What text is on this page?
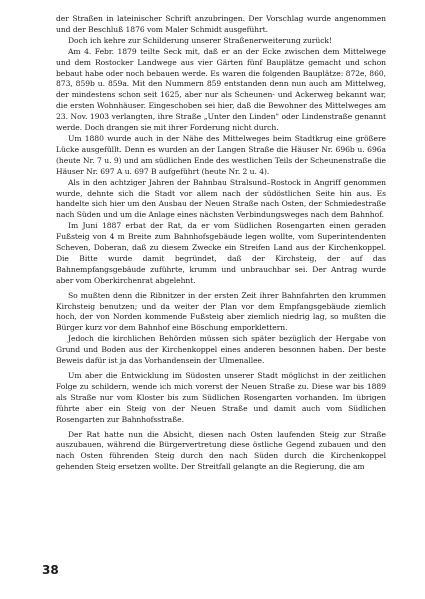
der Straßen in lateinischer Schrift anzubringen. Der Vorschlag wurde angenommen und der Beschluß 1876 vom Maler Schmidt ausgeführt.

Doch ich kehre zur Schilderung unserer Straßenerweiterung zurück!

Am 4. Febr. 1879 teilte Seck mit, daß er an der Ecke zwischen dem Mittelwege und dem Rostocker Landwege aus vier Gärten fünf Bauplätze gemacht und schon bebaut habe oder noch bebauen werde. Es waren die folgenden Bauplätze: 872e, 860, 873, 859b u. 859a. Mit den Nummern 859 entstanden denn nun auch am Mittelweg, der mindestens schon seit 1625, aber nur als Scheunen- und Ackerweg bekannt war, die ersten Wohnhäuser. Eingeschoben sei hier, daß die Bewohner des Mittelweges am 23. Nov. 1903 verlangten, ihre Straße „Unter den Linden" oder Lindenstraße genannt werde. Doch drangen sie mit ihrer Forderung nicht durch.

Um 1880 wurde auch in der Nähe des Mittelweges beim Stadtkrug eine größere Lücke ausgefüllt. Denn es wurden an der Langen Straße die Häuser Nr. 696b u. 696a (heute Nr. 7 u. 9) und am südlichen Ende des westlichen Teils der Scheunenstraße die Häuser Nr. 697 A u. 697 B aufgeführt (heute Nr. 2 u. 4).

Als in den achtziger Jahren der Bahnbau Stralsund–Rostock in Angriff genommen wurde, dehnte sich die Stadt vor allem nach der südöstlichen Seite hin aus. Es handelte sich hier um den Ausbau der Neuen Straße nach Osten, der Schmiedestraße nach Süden und um die Anlage eines nächsten Verbindungsweges nach dem Bahnhof.

Im Juni 1887 erbat der Rat, da er vom Südlichen Rosengarten einen geraden Fußsteig von 4 m Breite zum Bahnhofsgebäude legen wollte, vom Superintendenten Scheven, Doberan, daß zu diesem Zwecke ein Streifen Land aus der Kirchenkoppel. Die Bitte wurde damit begründet, daß der Kirchsteig, der auf das Bahnempfangsgebäude zuführte, krumm und unbrauchbar sei. Der Antrag wurde aber vom Oberkirchenrat abgelehnt.

So mußten denn die Ribnitzer in der ersten Zeit ihrer Bahnfahrten den krummen Kirchsteig benutzen; und da weiter der Plan vor dem Empfangsgebäude ziemlich hoch, der von Norden kommende Fußsteig aber ziemlich niedrig lag, so mußten die Bürger kurz vor dem Bahnhof eine Böschung emporklettern.

Jedoch die kirchlichen Behörden müssen sich später bezüglich der Hergabe von Grund und Boden aus der Kirchenkoppel eines anderen besonnen haben. Der beste Beweis dafür ist ja das Vorhandensein der Ulmenallee.

Um aber die Entwicklung im Südosten unserer Stadt möglichst in der zeitlichen Folge zu schildern, wende ich mich vorerst der Neuen Straße zu. Diese war bis 1889 als Straße nur vom Kloster bis zum Südlichen Rosengarten vorhanden. Im übrigen führte aber ein Steig von der Neuen Straße und damit auch vom Südlichen Rosengarten zur Bahnhofsstraße.

Der Rat hatte nun die Absicht, diesen nach Osten laufenden Steig zur Straße auszubauen, während die Bürgervertretung diese östliche Gegend zubauen und den nach Osten führenden Steig durch den nach Süden durch die Kirchenkoppel gehenden Steig ersetzen wollte. Der Streitfall gelangte an die Regierung, die am

38
